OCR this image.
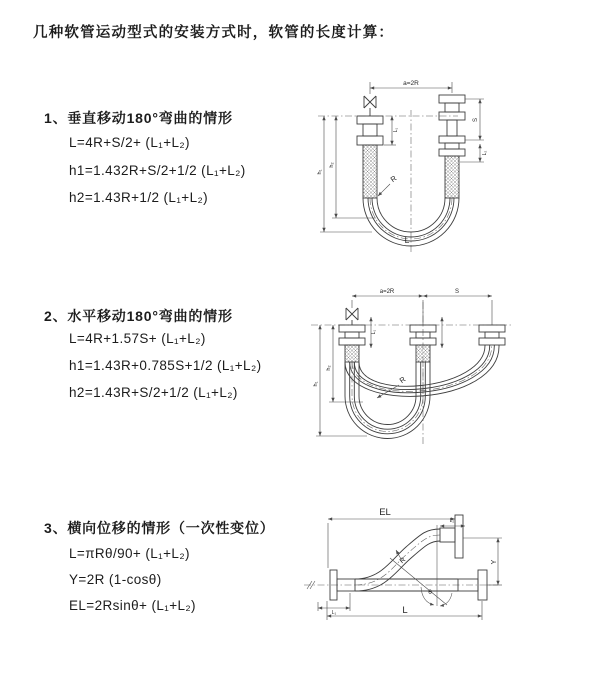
几种软管运动型式的安装方式时，软管的长度计算：
1、垂直移动180°弯曲的情形
L=4R+S/2+ (L₁+L₂)
h1=1.432R+S/2+1/2 (L₁+L₂)
h2=1.43R+1/2 (L₁+L₂)
2、水平移动180°弯曲的情形
L=4R+1.57S+ (L₁+L₂)
h1=1.43R+0.785S+1/2 (L₁+L₂)
h2=1.43R+S/2+1/2 (L₁+L₂)
3、横向位移的情形（一次性变位）
L=πRθ/90+ (L₁+L₂)
Y=2R (1-cosθ)
EL=2Rsinθ+ (L₁+L₂)
a=2R
S
L₂
L₁
h₁
h₂
R
L
a=2R	S
L₁
h₁
h₂
R
EL
L₂
Y
θ
R
L₁	L
